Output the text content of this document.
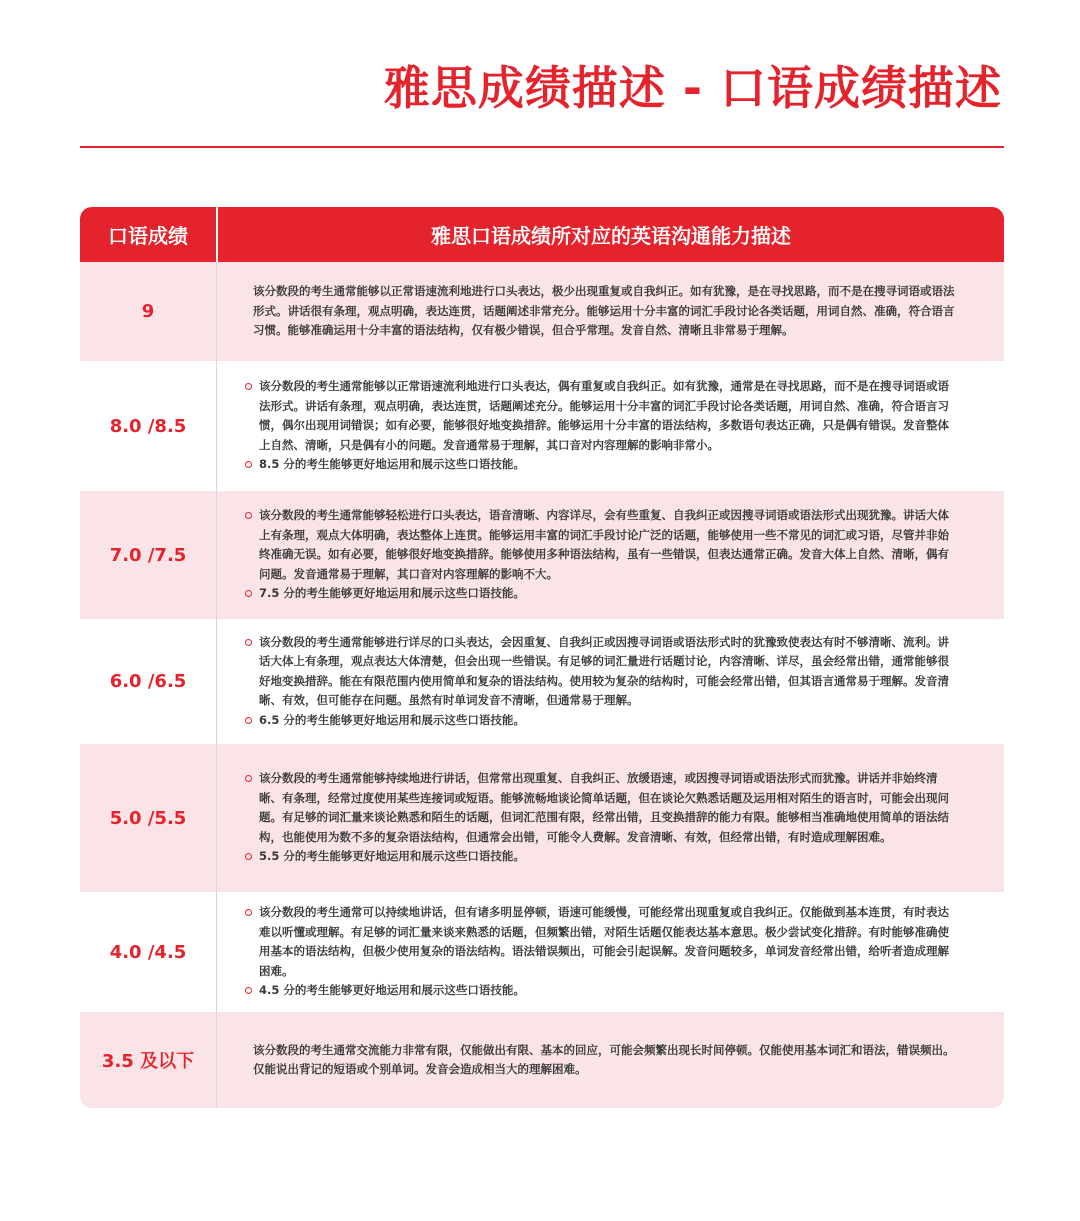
雅思成绩描述 - 口语成绩描述
口语成绩	雅思口语成绩所对应的英语沟通能力描述
9
该分数段的考生通常能够以正常语速流利地进行口头表达，极少出现重复或自我纠正。如有犹豫，是在寻找思路，而不是在搜寻词语或语法形式。讲话很有条理，观点明确，表达连贯，话题阐述非常充分。能够运用十分丰富的词汇手段讨论各类话题，用词自然、准确，符合语言习惯。能够准确运用十分丰富的语法结构，仅有极少错误，但合乎常理。发音自然、清晰且非常易于理解。
8.0 /8.5
该分数段的考生通常能够以正常语速流利地进行口头表达，偶有重复或自我纠正。如有犹豫，通常是在寻找思路，而不是在搜寻词语或语法形式。讲话有条理，观点明确，表达连贯，话题阐述充分。能够运用十分丰富的词汇手段讨论各类话题，用词自然、准确，符合语言习惯，偶尔出现用词错误；如有必要，能够很好地变换措辞。能够运用十分丰富的语法结构，多数语句表达正确，只是偶有错误。发音整体上自然、清晰，只是偶有小的问题。发音通常易于理解，其口音对内容理解的影响非常小。
8.5 分的考生能够更好地运用和展示这些口语技能。
7.0 /7.5
该分数段的考生通常能够轻松进行口头表达，语音清晰、内容详尽，会有些重复、自我纠正或因搜寻词语或语法形式出现犹豫。讲话大体上有条理，观点大体明确，表达整体上连贯。能够运用丰富的词汇手段讨论广泛的话题，能够使用一些不常见的词汇或习语，尽管并非始终准确无误。如有必要，能够很好地变换措辞。能够使用多种语法结构，虽有一些错误，但表达通常正确。发音大体上自然、清晰，偶有问题。发音通常易于理解，其口音对内容理解的影响不大。
7.5 分的考生能够更好地运用和展示这些口语技能。
6.0 /6.5
该分数段的考生通常能够进行详尽的口头表达，会因重复、自我纠正或因搜寻词语或语法形式时的犹豫致使表达有时不够清晰、流利。讲话大体上有条理，观点表达大体清楚，但会出现一些错误。有足够的词汇量进行话题讨论，内容清晰、详尽，虽会经常出错，通常能够很好地变换措辞。能在有限范围内使用简单和复杂的语法结构。使用较为复杂的结构时，可能会经常出错，但其语言通常易于理解。发音清晰、有效，但可能存在问题。虽然有时单词发音不清晰，但通常易于理解。
6.5 分的考生能够更好地运用和展示这些口语技能。
5.0 /5.5
该分数段的考生通常能够持续地进行讲话，但常常出现重复、自我纠正、放缓语速，或因搜寻词语或语法形式而犹豫。讲话并非始终清晰、有条理，经常过度使用某些连接词或短语。能够流畅地谈论简单话题，但在谈论欠熟悉话题及运用相对陌生的语言时，可能会出现问题。有足够的词汇量来谈论熟悉和陌生的话题，但词汇范围有限，经常出错，且变换措辞的能力有限。能够相当准确地使用简单的语法结构，也能使用为数不多的复杂语法结构，但通常会出错，可能令人费解。发音清晰、有效，但经常出错，有时造成理解困难。
5.5 分的考生能够更好地运用和展示这些口语技能。
4.0 /4.5
该分数段的考生通常可以持续地讲话，但有诸多明显停顿，语速可能缓慢，可能经常出现重复或自我纠正。仅能做到基本连贯，有时表达难以听懂或理解。有足够的词汇量来谈来熟悉的话题，但频繁出错，对陌生话题仅能表达基本意思。极少尝试变化措辞。有时能够准确使用基本的语法结构，但极少使用复杂的语法结构。语法错误频出，可能会引起误解。发音问题较多，单词发音经常出错，给听者造成理解困难。
4.5 分的考生能够更好地运用和展示这些口语技能。
3.5 及以下
该分数段的考生通常交流能力非常有限，仅能做出有限、基本的回应，可能会频繁出现长时间停顿。仅能使用基本词汇和语法，错误频出。仅能说出背记的短语或个别单词。发音会造成相当大的理解困难。
